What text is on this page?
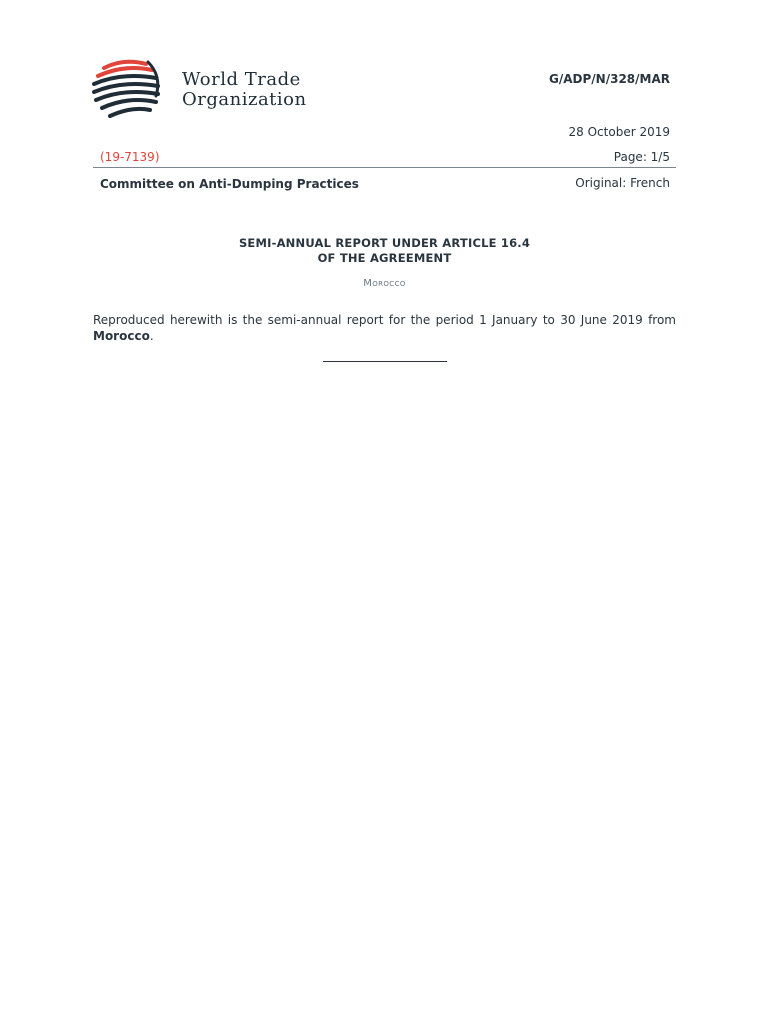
World Trade
Organization
G/ADP/N/328/MAR
28 October 2019
(19-7139)	Page: 1/5
Committee on Anti-Dumping Practices	Original: French
SEMI-ANNUAL REPORT UNDER ARTICLE 16.4
OF THE AGREEMENT
Morocco
Reproduced herewith is the semi-annual report for the period 1 January to 30 June 2019 from Morocco.
